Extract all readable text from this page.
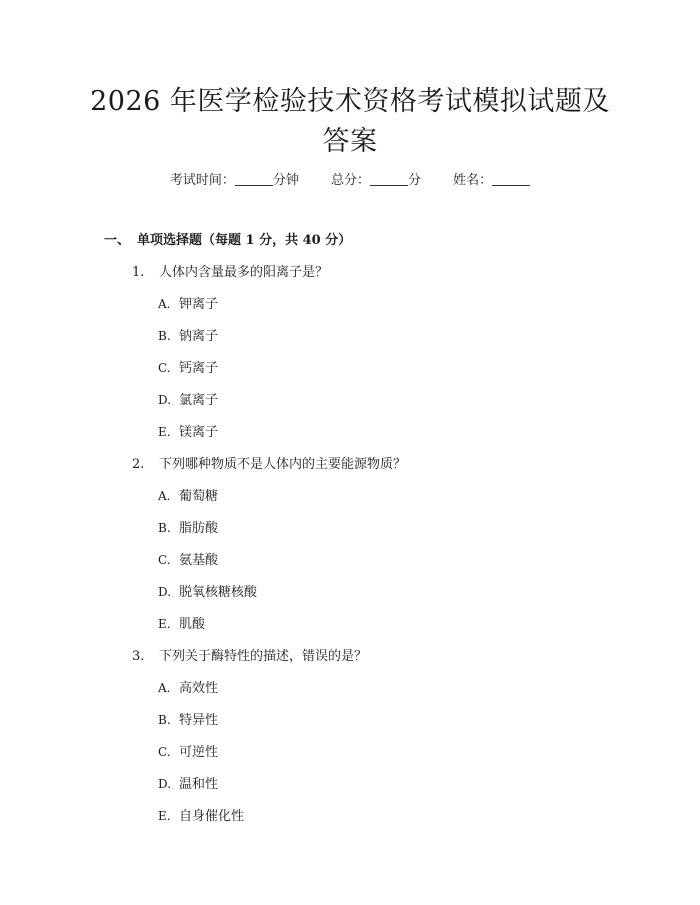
2026 年医学检验技术资格考试模拟试题及答案
考试时间：	分钟 总分：	分 姓名：
一、 单项选择题（每题 1 分，共 40 分）
1. 人体内含量最多的阳离子是？
A. 钾离子
B. 钠离子
C. 钙离子
D. 氯离子
E. 镁离子
2. 下列哪种物质不是人体内的主要能源物质？
A. 葡萄糖
B. 脂肪酸
C. 氨基酸
D. 脱氧核糖核酸
E. 肌酸
3. 下列关于酶特性的描述，错误的是？
A. 高效性
B. 特异性
C. 可逆性
D. 温和性
E. 自身催化性
